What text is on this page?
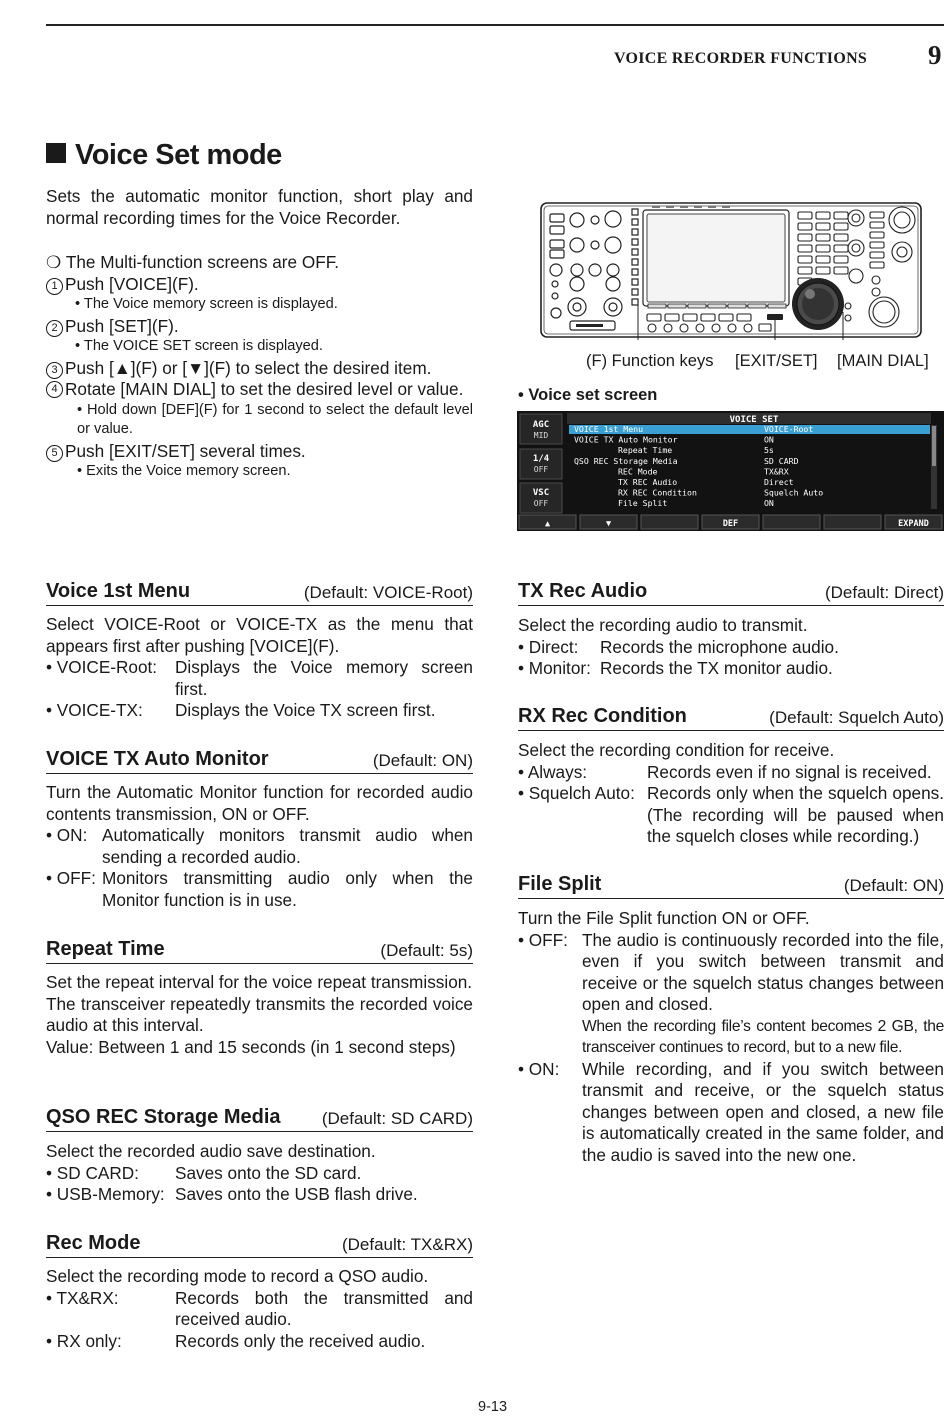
VOICE RECORDER FUNCTIONS 9
Voice Set mode
Sets the automatic monitor function, short play and normal recording times for the Voice Recorder.
❍ The Multi-function screens are OFF.
1 Push [VOICE](F).
• The Voice memory screen is displayed.
2 Push [SET](F).
• The VOICE SET screen is displayed.
3 Push [▲](F) or [▼](F) to select the desired item.
4 Rotate [MAIN DIAL] to set the desired level or value.
• Hold down [DEF](F) for 1 second to select the default level or value.
5 Push [EXIT/SET] several times.
• Exits the Voice memory screen.
(F) Function keys [EXIT/SET] [MAIN DIAL]
• Voice set screen
AGC
MID
1/4
OFF
VSC
OFF
VOICE SET
VOICE 1st Menu	VOICE-Root
VOICE TX Auto Monitor	ON
Repeat Time	5s
QSO REC Storage Media	SD CARD
REC Mode	TX&RX
TX REC Audio	Direct
RX REC Condition	Squelch Auto
File Split	ON
▲	▼	DEF	EXPAND
Voice 1st Menu	(Default: VOICE-Root)
Select VOICE-Root or VOICE-TX as the menu that appears first after pushing [VOICE](F).
• VOICE-Root:	Displays the Voice memory screen first.
• VOICE-TX:	Displays the Voice TX screen first.
VOICE TX Auto Monitor	(Default: ON)
Turn the Automatic Monitor function for recorded audio contents transmission, ON or OFF.
• ON: Automatically monitors transmit audio when sending a recorded audio.
• OFF: Monitors transmitting audio only when the Monitor function is in use.
Repeat Time	(Default: 5s)
Set the repeat interval for the voice repeat transmission.
The transceiver repeatedly transmits the recorded voice audio at this interval.
Value: Between 1 and 15 seconds (in 1 second steps)
QSO REC Storage Media (Default: SD CARD)
Select the recorded audio save destination.
• SD CARD:	Saves onto the SD card.
• USB-Memory: Saves onto the USB flash drive.
Rec Mode	(Default: TX&RX)
Select the recording mode to record a QSO audio.
• TX&RX:	Records both the transmitted and received audio.
• RX only:	Records only the received audio.
TX Rec Audio	(Default: Direct)
Select the recording audio to transmit.
• Direct:	Records the microphone audio.
• Monitor: Records the TX monitor audio.
RX Rec Condition	(Default: Squelch Auto)
Select the recording condition for receive.
• Always:	Records even if no signal is received.
• Squelch Auto: Records only when the squelch opens. (The recording will be paused when the squelch closes while recording.)
File Split	(Default: ON)
Turn the File Split function ON or OFF.
• OFF: The audio is continuously recorded into the file, even if you switch between transmit and receive or the squelch status changes between open and closed.
When the recording file’s content becomes 2 GB, the transceiver continues to record, but to a new file.
• ON:	While recording, and if you switch between transmit and receive, or the squelch status changes between open and closed, a new file is automatically created in the same folder, and the audio is saved into the new one.
9-13
